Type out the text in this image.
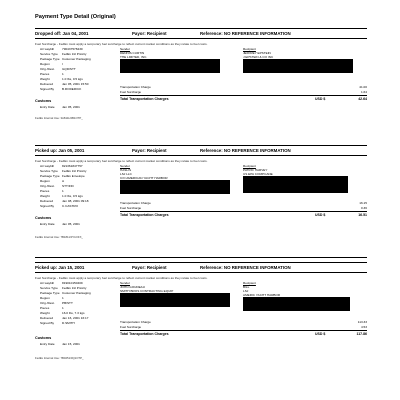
Payment Type Detail (Original)
Dropped off: Jan 04, 2001	Payor: Recipient	Reference: NO REFERENCE INFORMATION
Fuel Surcharge - FedEx must apply a temporary fuel surcharge to reflect current market conditions as they relate to fuel costs.
Air waybill	790437578430
Service Type FedEx Intl Priority
Package Type Customer Packaging
Region	I
Orig./Dest. GQD/STT
Pieces	1
Weight	1.0 lbs, 0.5 kgs
Delivered	Jan 05, 2001 15:50
Signed By	B.RODERICK
Sender
DENNIS CURTIN
THE LIMITED, INC.
Recipient
JEFFREY EPSTEIN
J EPSTEIN & CO INC
Transportation Charge	41.00
Fuel Surcharge	1.64
Total Transportation Charges	USD $	42.64
Customs
Entry Date Jan 05, 2001
FedEx Internal Use: 3A8111/2B1OTP_
Picked up: Jan 05, 2001	Payor: Recipient	Reference: NO REFERENCE INFORMATION
Fuel Surcharge - FedEx must apply a temporary fuel surcharge to reflect current market conditions as they relate to fuel costs.
Air waybill	821361847757
Service Type FedEx Intl Priority
Package Type FedEx Envelope
Region	A
Orig./Dest. STT/FID
Pieces	1
Weight	1.0 lbs, 0.5 kgs
Delivered	Jan 08, 2001 09:18
Signed By	C.CASTRO
Sender
HASLIS
LSJ LLC
C/O AMERICAN YACHT HARBOR
Recipient
PATRIC HARVEY
US EPA COMPCANE
Transportation Charge	16.15
Fuel Surcharge	0.36
Total Transportation Charges	USD $	16.51
Customs
Entry Date Jan 05, 2001
FedEx Internal Use: 7B1811/0Y1OFX_
Picked up: Jan 15, 2001	Payor: Recipient	Reference: NO REFERENCE INFORMATION
Fuel Surcharge - FedEx must apply a temporary fuel surcharge to reflect current market conditions as they relate to fuel costs.
Air waybill	819010150409
Service Type FedEx Intl Priority
Package Type Customer Packaging
Region	1
Orig./Dest. PB/STT
Pieces	1
Weight	16.0 lbs, 7.3 kgs
Delivered	Jan 16, 2001 16:17
Signed By	D.SMITH
Sender
JOHN GOUDEAU
SMITH BROS CONTRACTING EQUIP
Recipient
BILL
LSJ
AMERIC YACHT HARBOR
Transportation Charge	113.33
Fuel Surcharge	4.53
Total Transportation Charges	USD $	117.86
Customs
Entry Date Jan 15, 2001
FedEx Internal Use: 7B0251/0Q1OTP_
